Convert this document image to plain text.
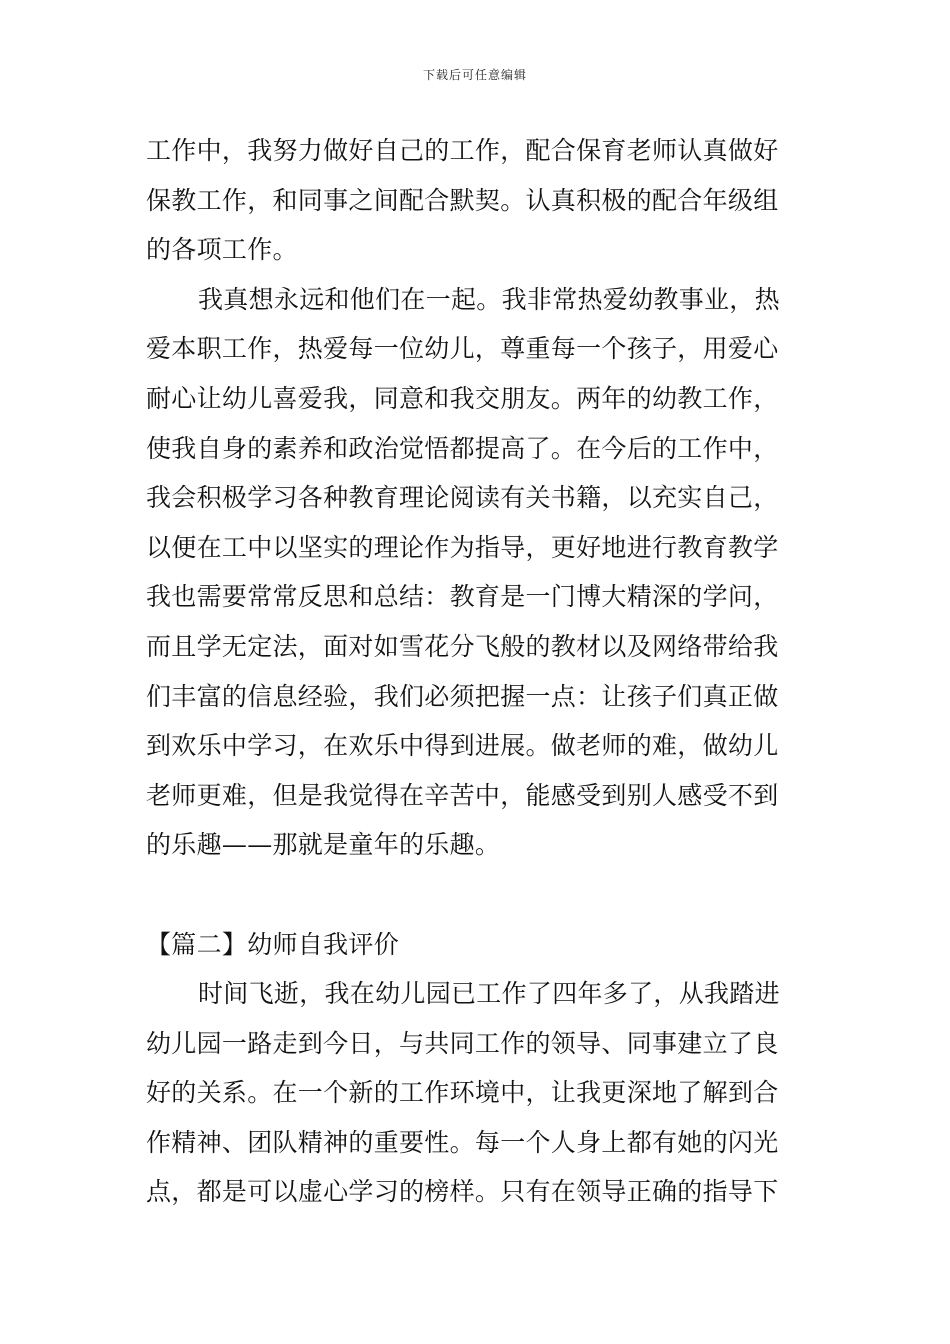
下载后可任意编辑
工作中，我努力做好自己的工作，配合保育老师认真做好
保教工作，和同事之间配合默契。认真积极的配合年级组
的各项工作。
我真想永远和他们在一起。我非常热爱幼教事业，热
爱本职工作，热爱每一位幼儿，尊重每一个孩子，用爱心
耐心让幼儿喜爱我，同意和我交朋友。两年的幼教工作，
使我自身的素养和政治觉悟都提高了。在今后的工作中，
我会积极学习各种教育理论阅读有关书籍，以充实自己，
以便在工中以坚实的理论作为指导，更好地进行教育教学
我也需要常常反思和总结：教育是一门博大精深的学问，
而且学无定法，面对如雪花分飞般的教材以及网络带给我
们丰富的信息经验，我们必须把握一点：让孩子们真正做
到欢乐中学习，在欢乐中得到进展。做老师的难，做幼儿
老师更难，但是我觉得在辛苦中，能感受到别人感受不到
的乐趣——那就是童年的乐趣。
【篇二】幼师自我评价
时间飞逝，我在幼儿园已工作了四年多了，从我踏进
幼儿园一路走到今日，与共同工作的领导、同事建立了良
好的关系。在一个新的工作环境中，让我更深地了解到合
作精神、团队精神的重要性。每一个人身上都有她的闪光
点，都是可以虚心学习的榜样。只有在领导正确的指导下
